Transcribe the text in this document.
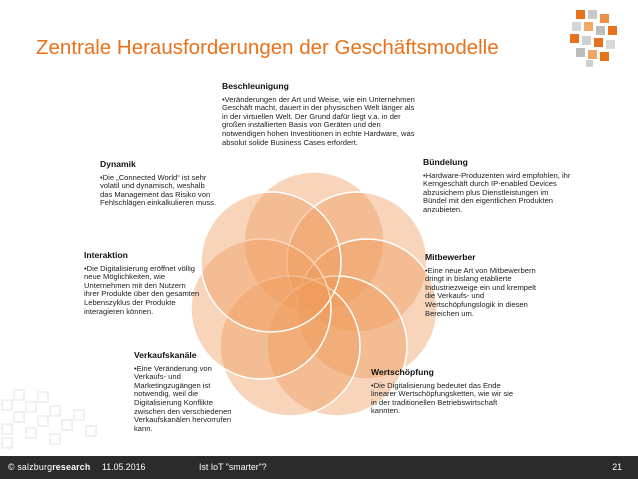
Zentrale Herausforderungen der Geschäftsmodelle
Beschleunigung

•Veränderungen der Art und Weise, wie ein Unternehmen Geschäft macht, dauert in der physischen Welt länger als in der virtuellen Welt. Der Grund dafür liegt v.a. in der großen installierten Basis von Geräten und den notwendigen hohen Investitionen in echte Hardware, was absolut solide Business Cases erfordert.

Bündelung

•Hardware-Produzenten wird empfohlen, ihr Kerngeschäft durch IP-enabled Devices abzusichern plus Dienstleistungen im Bündel mit den eigentlichen Produkten anzubieten.

Mitbewerber

•Eine neue Art von Mitbewerbern dringt in bislang etablierte Industriezweige ein und krempelt die Verkaufs- und Wertschöpfungslogik in diesen Bereichen um.

Wertschöpfung

•Die Digitalisierung bedeutet das Ende linearer Wertschöpfungsketten, wie wir sie in der traditionellen Betriebswirtschaft kannten.

Verkaufskanäle

•Eine Veränderung von Verkaufs- und Marketingzugängen ist notwendig, weil die Digitalisierung Konflikte zwischen den verschiedenen Verkaufskanälen hervorrufen kann.

Interaktion

•Die Digitalisierung eröffnet völlig neue Möglichkeiten, wie Unternehmen mit den Nutzern ihrer Produkte über den gesamten Lebenszyklus der Produkte interagieren können.

Dynamik

•Die „Connected World“ ist sehr volatil und dynamisch, weshalb das Management das Risiko von Fehlschlägen einkalkulieren muss.

© salzburgresearch 11.05.2016	Ist IoT "smarter"?	21
